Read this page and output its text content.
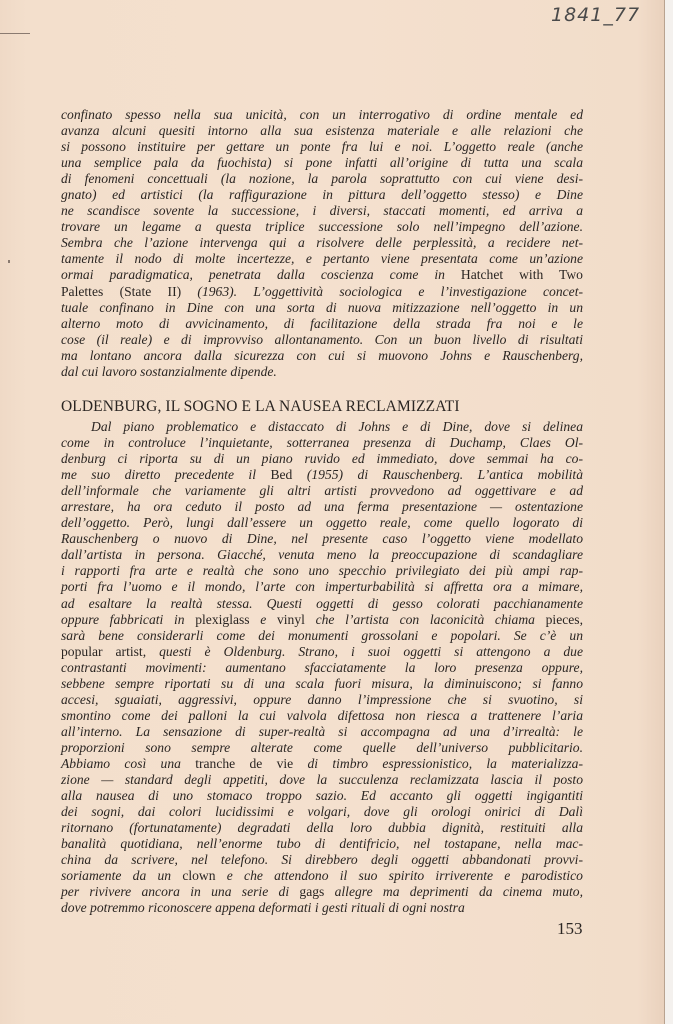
1841_77
confinato spesso nella sua unicità, con un interrogativo di ordine mentale ed
avanza alcuni quesiti intorno alla sua esistenza materiale e alle relazioni che
si possono instituire per gettare un ponte fra lui e noi. L’oggetto reale (anche
una semplice pala da fuochista) si pone infatti all’origine di tutta una scala
di fenomeni concettuali (la nozione, la parola soprattutto con cui viene desi-
gnato) ed artistici (la raffigurazione in pittura dell’oggetto stesso) e Dine
ne scandisce sovente la successione, i diversi, staccati momenti, ed arriva a
trovare un legame a questa triplice successione solo nell’impegno dell’azione.
Sembra che l’azione intervenga qui a risolvere delle perplessità, a recidere net-
tamente il nodo di molte incertezze, e pertanto viene presentata come un’azione
ormai paradigmatica, penetrata dalla coscienza come in Hatchet with Two
Palettes (State II) (1963). L’oggettività sociologica e l’investigazione concet-
tuale confinano in Dine con una sorta di nuova mitizzazione nell’oggetto in un
alterno moto di avvicinamento, di facilitazione della strada fra noi e le
cose (il reale) e di improvviso allontanamento. Con un buon livello di risultati
ma lontano ancora dalla sicurezza con cui si muovono Johns e Rauschenberg,
dal cui lavoro sostanzialmente dipende.
OLDENBURG, IL SOGNO E LA NAUSEA RECLAMIZZATI
Dal piano problematico e distaccato di Johns e di Dine, dove si delinea
come in controluce l’inquietante, sotterranea presenza di Duchamp, Claes Ol-
denburg ci riporta su di un piano ruvido ed immediato, dove semmai ha co-
me suo diretto precedente il Bed (1955) di Rauschenberg. L’antica mobilità
dell’informale che variamente gli altri artisti provvedono ad oggettivare e ad
arrestare, ha ora ceduto il posto ad una ferma presentazione — ostentazione
dell’oggetto. Però, lungi dall’essere un oggetto reale, come quello logorato di
Rauschenberg o nuovo di Dine, nel presente caso l’oggetto viene modellato
dall’artista in persona. Giacché, venuta meno la preoccupazione di scandagliare
i rapporti fra arte e realtà che sono uno specchio privilegiato dei più ampi rap-
porti fra l’uomo e il mondo, l’arte con imperturbabilità si affretta ora a mimare,
ad esaltare la realtà stessa. Questi oggetti di gesso colorati pacchianamente
oppure fabbricati in plexiglass e vinyl che l’artista con laconicità chiama pieces,
sarà bene considerarli come dei monumenti grossolani e popolari. Se c’è un
popular artist, questi è Oldenburg. Strano, i suoi oggetti si attengono a due
contrastanti movimenti: aumentano sfacciatamente la loro presenza oppure,
sebbene sempre riportati su di una scala fuori misura, la diminuiscono; si fanno
accesi, sguaiati, aggressivi, oppure danno l’impressione che si svuotino, si
smontino come dei palloni la cui valvola difettosa non riesca a trattenere l’aria
all’interno. La sensazione di super-realtà si accompagna ad una d’irrealtà: le
proporzioni sono sempre alterate come quelle dell’universo pubblicitario.
Abbiamo così una tranche de vie di timbro espressionistico, la materializza-
zione — standard degli appetiti, dove la succulenza reclamizzata lascia il posto
alla nausea di uno stomaco troppo sazio. Ed accanto gli oggetti ingigantiti
dei sogni, dai colori lucidissimi e volgari, dove gli orologi onirici di Dalì
ritornano (fortunatamente) degradati della loro dubbia dignità, restituiti alla
banalità quotidiana, nell’enorme tubo di dentifricio, nel tostapane, nella mac-
china da scrivere, nel telefono. Si direbbero degli oggetti abbandonati provvi-
soriamente da un clown e che attendono il suo spirito irriverente e parodistico
per rivivere ancora in una serie di gags allegre ma deprimenti da cinema muto,
dove potremmo riconoscere appena deformati i gesti rituali di ogni nostra
153
